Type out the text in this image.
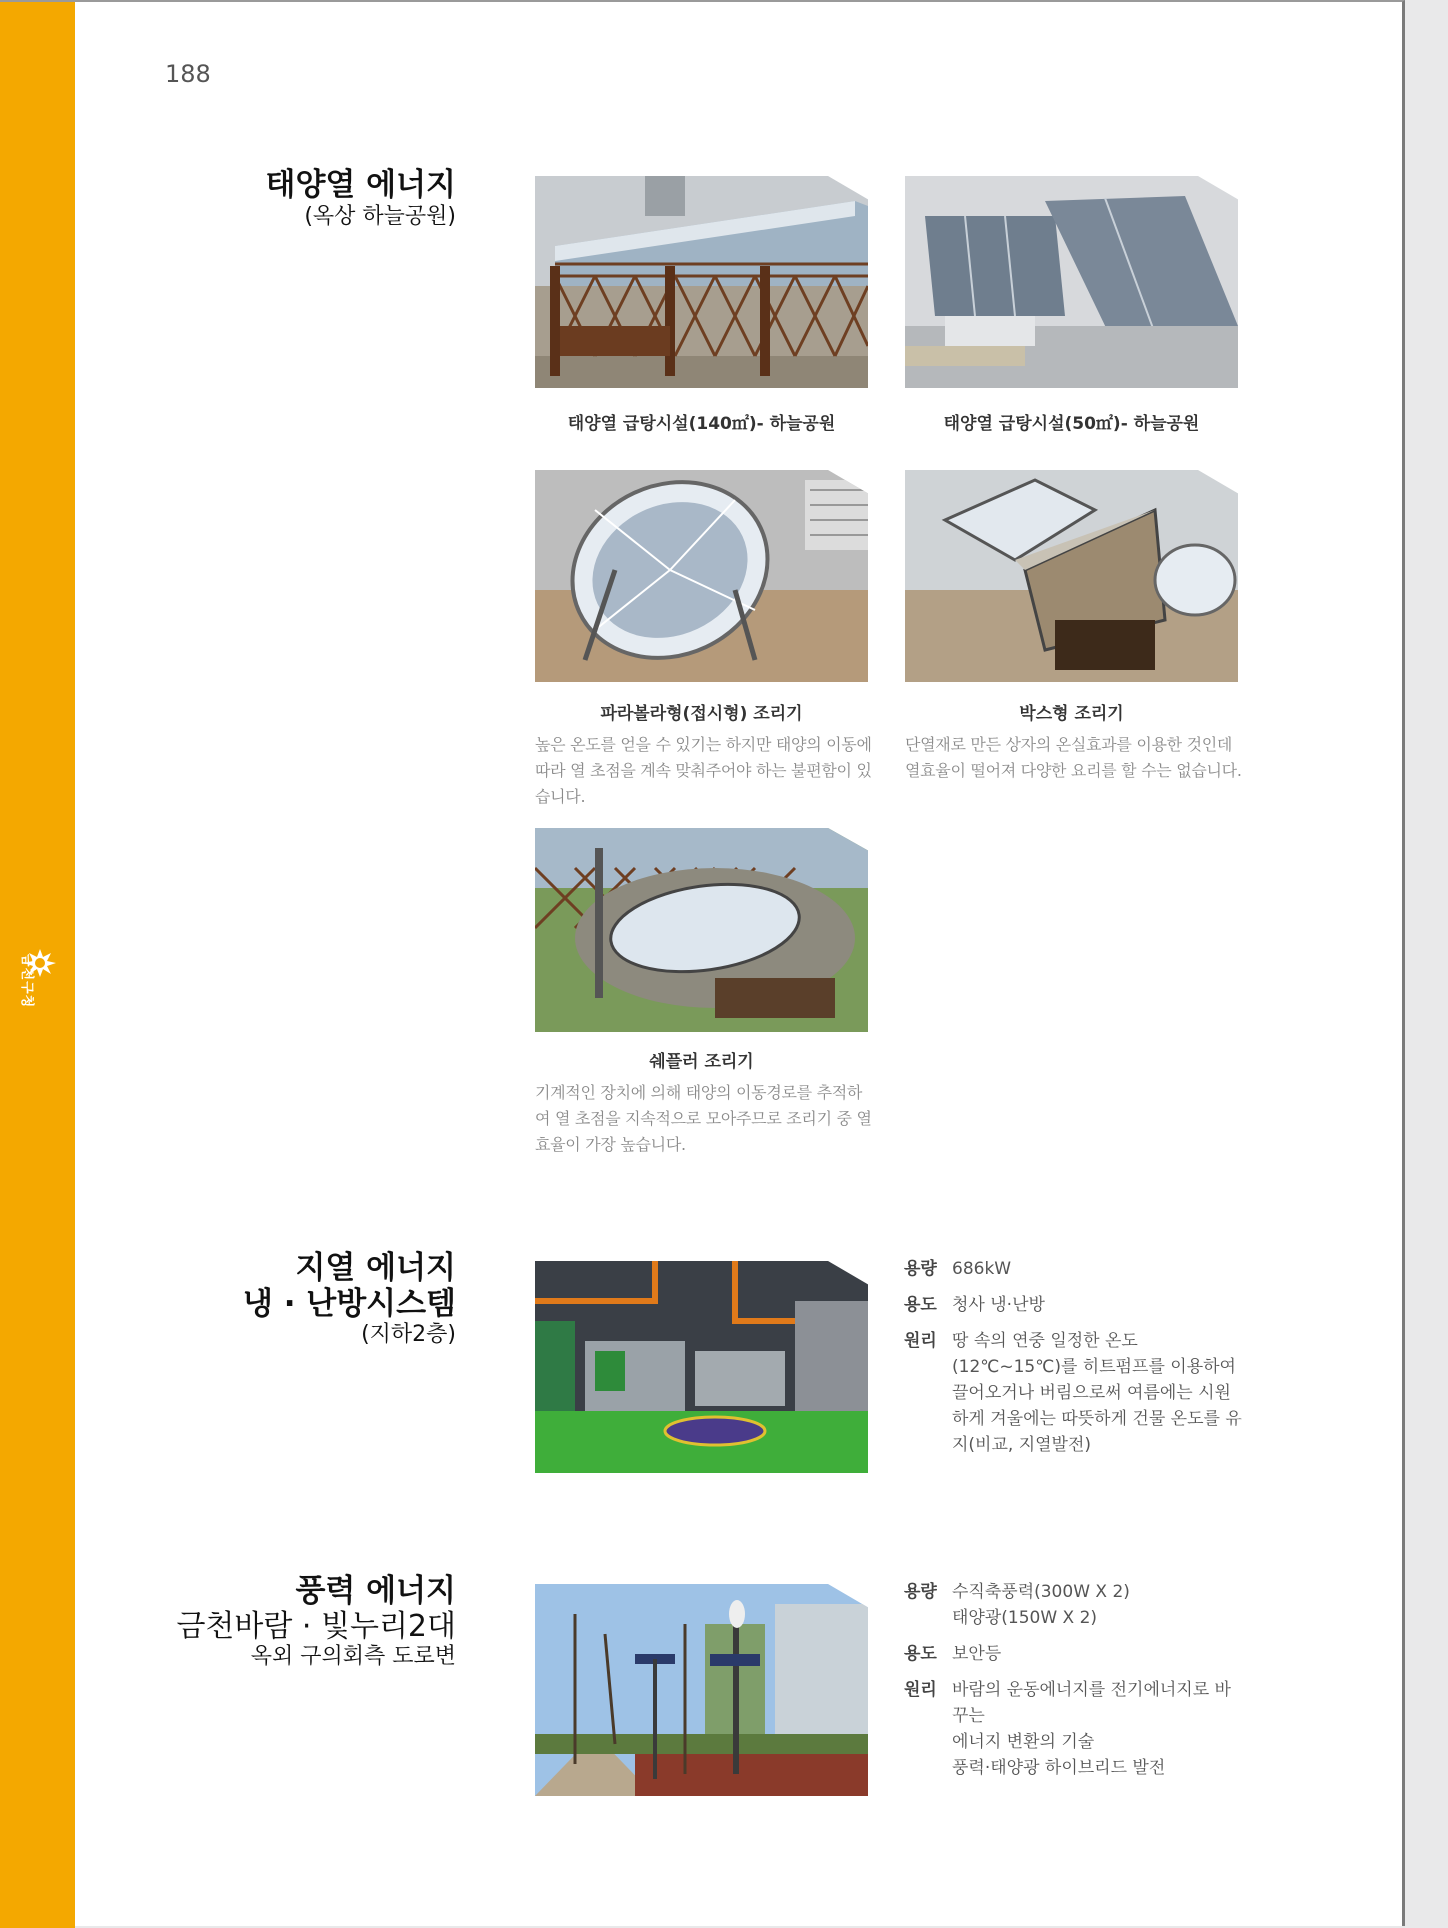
금천구청
188
태양열 에너지
(옥상 하늘공원)
태양열 급탕시설(140㎡)- 하늘공원	태양열 급탕시설(50㎡)- 하늘공원
파라볼라형(접시형) 조리기
높은 온도를 얻을 수 있기는 하지만 태양의 이동에 따라 열 초점을 계속 맞춰주어야 하는 불편함이 있습니다.
박스형 조리기
단열재로 만든 상자의 온실효과를 이용한 것인데 열효율이 떨어져 다양한 요리를 할 수는 없습니다.
쉐플러 조리기
기계적인 장치에 의해 태양의 이동경로를 추적하여 열 초점을 지속적으로 모아주므로 조리기 중 열효율이 가장 높습니다.
지열 에너지
냉 · 난방시스템
(지하2층)
용량 686kW
용도 청사 냉·난방
원리 땅 속의 연중 일정한 온도(12℃~15℃)를 히트펌프를 이용하여 끌어오거나 버림으로써 여름에는 시원하게 겨울에는 따뜻하게 건물 온도를 유지(비교, 지열발전)
풍력 에너지
금천바람 · 빛누리2대
옥외 구의회측 도로변
용량 수직축풍력(300W X 2)
태양광(150W X 2)
용도 보안등
원리 바람의 운동에너지를 전기에너지로 바꾸는
에너지 변환의 기술
풍력·태양광 하이브리드 발전
